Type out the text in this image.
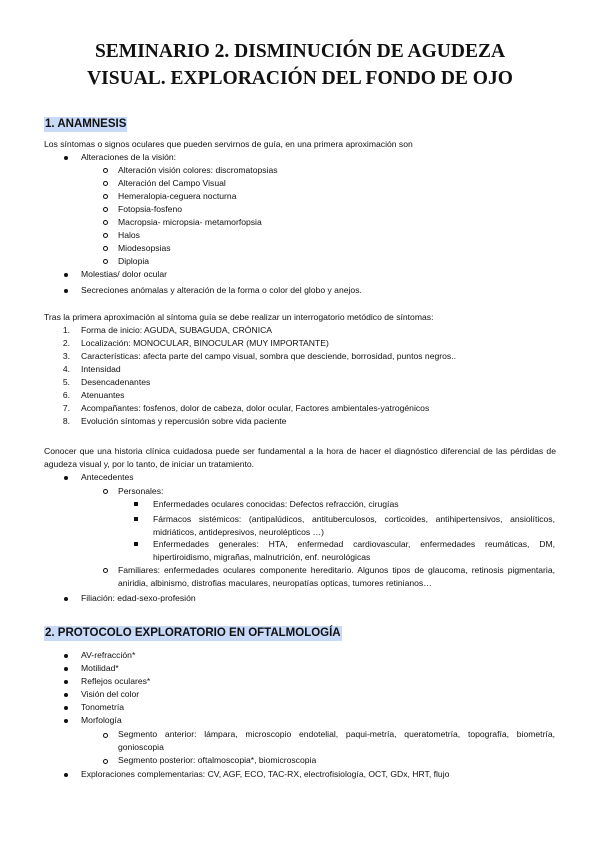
SEMINARIO 2. DISMINUCIÓN DE AGUDEZA
VISUAL. EXPLORACIÓN DEL FONDO DE OJO
1. ANAMNESIS
Los síntomas o signos oculares que pueden servirnos de guía, en una primera aproximación son
Alteraciones de la visión:
Alteración visión colores: discromatopsias
Alteración del Campo Visual
Hemeralopia-ceguera nocturna
Fotopsia-fosfeno
Macropsia- micropsia- metamorfopsia
Halos
Miodesopsias
Diplopia
Molestias/ dolor ocular
Secreciones anómalas y alteración de la forma o color del globo y anejos.
Tras la primera aproximación al síntoma guía se debe realizar un interrogatorio metódico de síntomas:
1. Forma de inicio: AGUDA, SUBAGUDA, CRÓNICA
2. Localización: MONOCULAR, BINOCULAR (MUY IMPORTANTE)
3. Características: afecta parte del campo visual, sombra que desciende, borrosidad, puntos negros..
4. Intensidad
5. Desencadenantes
6. Atenuantes
7. Acompañantes: fosfenos, dolor de cabeza, dolor ocular, Factores ambientales-yatrogénicos
8. Evolución síntomas y repercusión sobre vida paciente
Conocer que una historia clínica cuidadosa puede ser fundamental a la hora de hacer el diagnóstico diferencial de las pérdidas de agudeza visual y, por lo tanto, de iniciar un tratamiento.
Antecedentes
Personales:
Enfermedades oculares conocidas: Defectos refracción, cirugías
Fármacos sistémicos: (antipalúdicos, antituberculosos, corticoides, antihipertensivos, ansiolíticos, midriáticos, antidepresivos, neurolépticos …)
Enfermedades generales: HTA, enfermedad cardiovascular, enfermedades reumáticas, DM, hipertiroidismo, migrañas, malnutrición, enf. neurológicas
Familiares: enfermedades oculares componente hereditario. Algunos tipos de glaucoma, retinosis pigmentaria, aniridia, albinismo, distrofias maculares, neuropatías opticas, tumores retinianos…
Filiación: edad-sexo-profesión
2. PROTOCOLO EXPLORATORIO EN OFTALMOLOGÍA
AV-refracción*
Motilidad*
Reflejos oculares*
Visión del color
Tonometría
Morfología
Segmento anterior: lámpara, microscopio endotelial, paqui-metría, queratometría, topografía, biometría, gonioscopia
Segmento posterior: oftalmoscopia*, biomicroscopia
Exploraciones complementarias: CV, AGF, ECO, TAC-RX, electrofisiología, OCT, GDx, HRT, flujo
